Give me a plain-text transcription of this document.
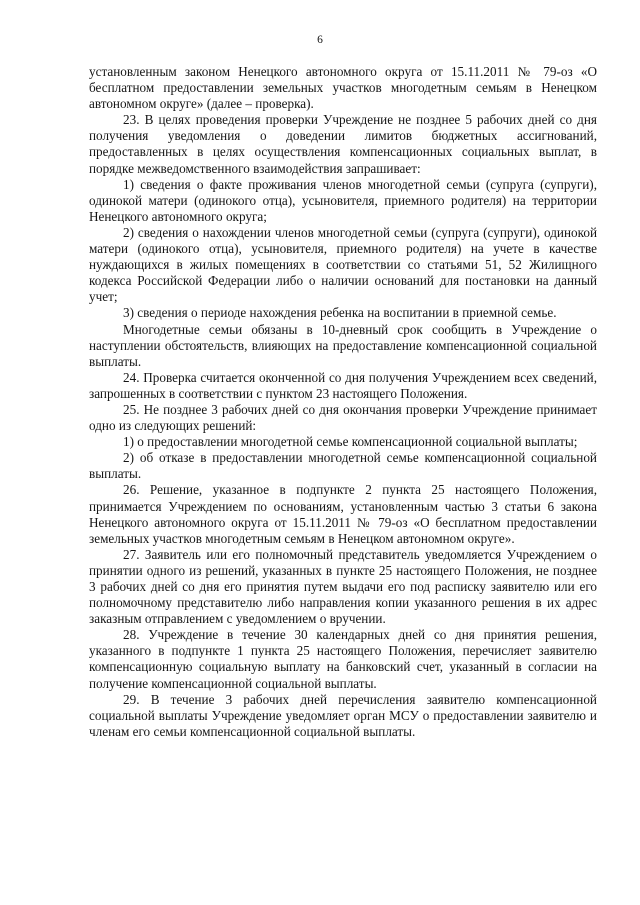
6

установленным законом Ненецкого автономного округа от 15.11.2011 № 79-оз «О бесплатном предоставлении земельных участков многодетным семьям в Ненецком автономном округе» (далее – проверка).

23. В целях проведения проверки Учреждение не позднее 5 рабочих дней со дня получения уведомления о доведении лимитов бюджетных ассигнований, предоставленных в целях осуществления компенсационных социальных выплат, в порядке межведомственного взаимодействия запрашивает:

1) сведения о факте проживания членов многодетной семьи (супруга (супруги), одинокой матери (одинокого отца), усыновителя, приемного родителя) на территории Ненецкого автономного округа;

2) сведения о нахождении членов многодетной семьи (супруга (супруги), одинокой матери (одинокого отца), усыновителя, приемного родителя) на учете в качестве нуждающихся в жилых помещениях в соответствии со статьями 51, 52 Жилищного кодекса Российской Федерации либо о наличии оснований для постановки на данный учет;

3) сведения о периоде нахождения ребенка на воспитании в приемной семье.

Многодетные семьи обязаны в 10-дневный срок сообщить в Учреждение о наступлении обстоятельств, влияющих на предоставление компенсационной социальной выплаты.

24. Проверка считается оконченной со дня получения Учреждением всех сведений, запрошенных в соответствии с пунктом 23 настоящего Положения.

25. Не позднее 3 рабочих дней со дня окончания проверки Учреждение принимает одно из следующих решений:

1) о предоставлении многодетной семье компенсационной социальной выплаты;

2) об отказе в предоставлении многодетной семье компенсационной социальной выплаты.

26. Решение, указанное в подпункте 2 пункта 25 настоящего Положения, принимается Учреждением по основаниям, установленным частью 3 статьи 6 закона Ненецкого автономного округа от 15.11.2011 № 79-оз «О бесплатном предоставлении земельных участков многодетным семьям в Ненецком автономном округе».

27. Заявитель или его полномочный представитель уведомляется Учреждением о принятии одного из решений, указанных в пункте 25 настоящего Положения, не позднее 3 рабочих дней со дня его принятия путем выдачи его под расписку заявителю или его полномочному представителю либо направления копии указанного решения в их адрес заказным отправлением с уведомлением о вручении.

28. Учреждение в течение 30 календарных дней со дня принятия решения, указанного в подпункте 1 пункта 25 настоящего Положения, перечисляет заявителю компенсационную социальную выплату на банковский счет, указанный в согласии на получение компенсационной социальной выплаты.

29. В течение 3 рабочих дней перечисления заявителю компенсационной социальной выплаты Учреждение уведомляет орган МСУ о предоставлении заявителю и членам его семьи компенсационной социальной выплаты.
